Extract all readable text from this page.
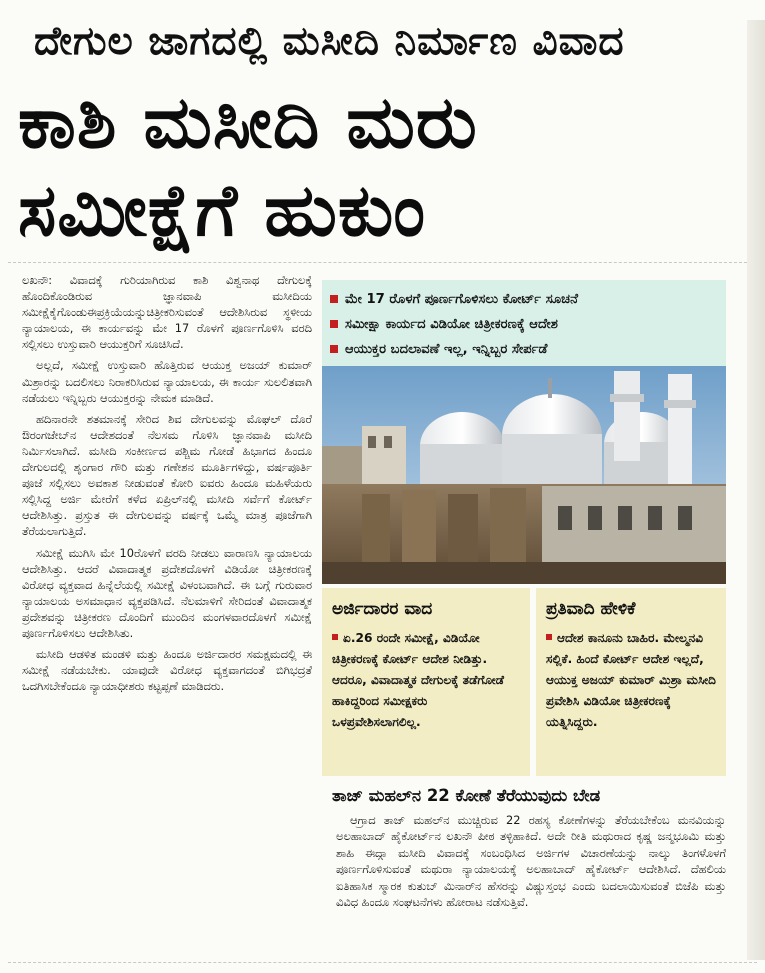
ದೇಗುಲ ಜಾಗದಲ್ಲಿ ಮಸೀದಿ ನಿರ್ಮಾಣ ವಿವಾದ
ಕಾಶಿ ಮಸೀದಿ ಮರು
ಸಮೀಕ್ಷೆಗೆ ಹುಕುಂ

ಲಖನೌ: ವಿವಾದಕ್ಕೆ ಗುರಿಯಾಗಿರುವ ಕಾಶಿ ವಿಶ್ವನಾಥ ದೇಗುಲಕ್ಕೆ ಹೊಂದಿಕೊಂಡಿರುವ ಜ್ಞಾನವಾಪಿ ಮಸೀದಿಯ ಸಮೀಕ್ಷೆಕೈಗೊಂಡುಈಪ್ರಕ್ರಿಯೆಯನ್ನುಚಿತ್ರೀಕರಿಸುವಂತೆ ಆದೇಶಿಸಿರುವ ಸ್ಥಳೀಯ ನ್ಯಾಯಾಲಯ, ಈ ಕಾರ್ಯವನ್ನು ಮೇ 17 ರೊಳಗೆ ಪೂರ್ಣಗೊಳಿಸಿ ವರದಿ ಸಲ್ಲಿಸಲು ಉಸ್ತುವಾರಿ ಆಯುಕ್ತರಿಗೆ ಸೂಚಿಸಿದೆ.

ಅಲ್ಲದೆ, ಸಮೀಕ್ಷೆ ಉಸ್ತುವಾರಿ ಹೊತ್ತಿರುವ ಆಯುಕ್ತ ಅಜಯ್ ಕುಮಾರ್ ಮಿಶ್ರಾರನ್ನು ಬದಲಿಸಲು ನಿರಾಕರಿಸಿರುವ ನ್ಯಾಯಾಲಯ, ಈ ಕಾರ್ಯ ಸುಲಲಿತವಾಗಿ ನಡೆಯಲು ಇನ್ನಿಬ್ಬರು ಆಯುಕ್ತರನ್ನು ನೇಮಕ ಮಾಡಿದೆ.

ಹದಿನಾರನೇ ಶತಮಾನಕ್ಕೆ ಸೇರಿದ ಶಿವ ದೇಗುಲವನ್ನು ಮೊಘಲ್ ದೊರೆ ಔರಂಗಜೇಬ್‌ನ ಆದೇಶದಂತೆ ನೆಲಸಮ ಗೊಳಿಸಿ ಜ್ಞಾನವಾಪಿ ಮಸೀದಿ ನಿರ್ಮಿಸಲಾಗಿದೆ. ಮಸೀದಿ ಸಂಕೀರ್ಣದ ಪಶ್ಚಿಮ ಗೋಡೆ ಹಿಭಾಗದ ಹಿಂದೂ ದೇಗುಲದಲ್ಲಿ ಶೃಂಗಾರ ಗೌರಿ ಮತ್ತು ಗಣೇಶನ ಮೂರ್ತಿಗಳಿದ್ದು, ವರ್ಷಪೂರ್ತಿ ಪೂಜೆ ಸಲ್ಲಿಸಲು ಅವಕಾಶ ನೀಡುವಂತೆ ಕೋರಿ ಐವರು ಹಿಂದೂ ಮಹಿಳೆಯರು ಸಲ್ಲಿಸಿದ್ದ ಅರ್ಜಿ ಮೇರೆಗೆ ಕಳೆದ ಏಪ್ರಿಲ್‌ನಲ್ಲಿ ಮಸೀದಿ ಸರ್ವೆಗೆ ಕೋರ್ಟ್ ಆದೇಶಿಸಿತ್ತು. ಪ್ರಸ್ತುತ ಈ ದೇಗುಲವನ್ನು ವರ್ಷಕ್ಕೆ ಒಮ್ಮೆ ಮಾತ್ರ ಪೂಜೆಗಾಗಿ ತೆರೆಯಲಾಗುತ್ತಿದೆ.

ಸಮೀಕ್ಷೆ ಮುಗಿಸಿ ಮೇ 10ರೊಳಗೆ ವರದಿ ನೀಡಲು ವಾರಾಣಸಿ ನ್ಯಾಯಾಲಯ ಆದೇಶಿಸಿತ್ತು. ಆದರೆ ವಿವಾದಾತ್ಮಕ ಪ್ರದೇಶದೊಳಗೆ ವಿಡಿಯೋ ಚಿತ್ರೀಕರಣಕ್ಕೆ ವಿರೋಧ ವ್ಯಕ್ತವಾದ ಹಿನ್ನೆಲೆಯಲ್ಲಿ ಸಮೀಕ್ಷೆ ವಿಳಂಬವಾಗಿದೆ. ಈ ಬಗ್ಗೆ ಗುರುವಾರ ನ್ಯಾಯಾಲಯ ಅಸಮಾಧಾನ ವ್ಯಕ್ತಪಡಿಸಿದೆ. ನೆಲಮಾಳಿಗೆ ಸೇರಿದಂತೆ ವಿವಾದಾತ್ಮಕ ಪ್ರದೇಶವನ್ನು ಚಿತ್ರೀಕರಣ ದೊಂದಿಗೆ ಮುಂದಿನ ಮಂಗಳವಾರದೊಳಗೆ ಸಮೀಕ್ಷೆ ಪೂರ್ಣಗೊಳಿಸಲು ಆದೇಶಿಸಿತು.

ಮಸೀದಿ ಆಡಳಿತ ಮಂಡಳಿ ಮತ್ತು ಹಿಂದೂ ಅರ್ಜಿದಾರರ ಸಮಕ್ಷಮದಲ್ಲಿ ಈ ಸಮೀಕ್ಷೆ ನಡೆಯಬೇಕು. ಯಾವುದೇ ವಿರೋಧ ವ್ಯಕ್ತವಾಗದಂತೆ ಬಿಗಿಭದ್ರತೆ ಒದಗಿಸಬೇಕೆಂದೂ ನ್ಯಾಯಾಧೀಶರು ಕಟ್ಟಪ್ಪಣೆ ಮಾಡಿದರು.

ಮೇ 17 ರೊಳಗೆ ಪೂರ್ಣಗೊಳಿಸಲು ಕೋರ್ಟ್ ಸೂಚನೆ
ಸಮೀಕ್ಷಾ ಕಾರ್ಯದ ವಿಡಿಯೋ ಚಿತ್ರೀಕರಣಕ್ಕೆ ಆದೇಶ
ಆಯುಕ್ತರ ಬದಲಾವಣೆ ಇಲ್ಲ, ಇನ್ನಿಬ್ಬರ ಸೇರ್ಪಡೆ
ಅರ್ಜಿದಾರರ ವಾದ
ಏ.26 ರಂದೇ ಸಮೀಕ್ಷೆ, ವಿಡಿಯೋ ಚಿತ್ರೀಕರಣಕ್ಕೆ ಕೋರ್ಟ್ ಆದೇಶ ನೀಡಿತ್ತು. ಆದರೂ, ವಿವಾದಾತ್ಮಕ ದೇಗುಲಕ್ಕೆ ತಡೆಗೋಡೆ ಹಾಕಿದ್ದರಿಂದ ಸಮೀಕ್ಷಕರು ಒಳಪ್ರವೇಶಿಸಲಾಗಲಿಲ್ಲ.
ಪ್ರತಿವಾದಿ ಹೇಳಿಕೆ
ಆದೇಶ ಕಾನೂನು ಬಾಹಿರ. ಮೇಲ್ಮನವಿ ಸಲ್ಲಿಕೆ. ಹಿಂದೆ ಕೋರ್ಟ್ ಆದೇಶ ಇಲ್ಲದೆ, ಆಯುಕ್ತ ಅಜಯ್ ಕುಮಾರ್ ಮಿಶ್ರಾ ಮಸೀದಿ ಪ್ರವೇಶಿಸಿ ವಿಡಿಯೋ ಚಿತ್ರೀಕರಣಕ್ಕೆ ಯತ್ನಿಸಿದ್ದರು.
ತಾಜ್ ಮಹಲ್‌ನ 22 ಕೋಣೆ ತೆರೆಯುವುದು ಬೇಡ
ಆಗ್ರಾದ ತಾಜ್ ಮಹಲ್‌ನ ಮುಚ್ಚಿರುವ 22 ರಹಸ್ಯ ಕೋಣೆಗಳನ್ನು ತೆರೆಯಬೇಕೆಂಬ ಮನವಿಯನ್ನು ಅಲಹಾಬಾದ್ ಹೈಕೋರ್ಟ್‌ನ ಲಖನೌ ಪೀಠ ತಳ್ಳಿಹಾಕಿದೆ. ಅದೇ ರೀತಿ ಮಥುರಾದ ಕೃಷ್ಣ ಜನ್ಮಭೂಮಿ ಮತ್ತು ಶಾಹಿ ಈದ್ಗಾ ಮಸೀದಿ ವಿವಾದಕ್ಕೆ ಸಂಬಂಧಿಸಿದ ಅರ್ಜಿಗಳ ವಿಚಾರಣೆಯನ್ನು ನಾಲ್ಕು ತಿಂಗಳೊಳಗೆ ಪೂರ್ಣಗೊಳಿಸುವಂತೆ ಮಥುರಾ ನ್ಯಾಯಾಲಯಕ್ಕೆ ಅಲಹಾಬಾದ್ ಹೈಕೋರ್ಟ್ ಆದೇಶಿಸಿದೆ. ದೆಹಲಿಯ ಐತಿಹಾಸಿಕ ಸ್ಮಾರಕ ಕುತುಬ್ ಮಿನಾರ್‌ನ ಹೆಸರನ್ನು ವಿಷ್ಣುಸ್ತಂಭ ಎಂದು ಬದಲಾಯಿಸುವಂತೆ ಬಿಜೆಪಿ ಮತ್ತು ವಿವಿಧ ಹಿಂದೂ ಸಂಘಟನೆಗಳು ಹೋರಾಟ ನಡೆಸುತ್ತಿವೆ.
